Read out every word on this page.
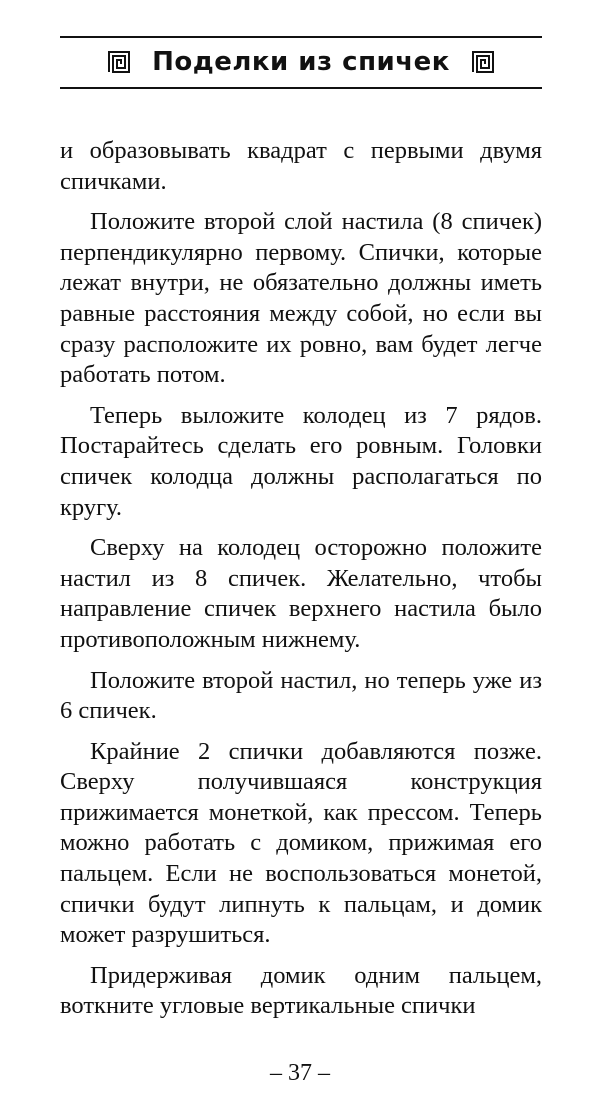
Поделки из спичек

и образовывать квадрат с первыми двумя спичками.

Положите второй слой настила (8 спичек) перпендикулярно первому. Спички, которые лежат внутри, не обязательно должны иметь равные расстояния между собой, но если вы сразу расположите их ровно, вам будет легче работать потом.

Теперь выложите колодец из 7 рядов. Постарайтесь сделать его ровным. Головки спичек колодца должны располагаться по кругу.

Сверху на колодец осторожно положите настил из 8 спичек. Желательно, чтобы направление спичек верхнего настила было противоположным нижнему.

Положите второй настил, но теперь уже из 6 спичек.

Крайние 2 спички добавляются позже. Сверху получившаяся конструкция прижимается монеткой, как прессом. Теперь можно работать с домиком, прижимая его пальцем. Если не воспользоваться монетой, спички будут липнуть к пальцам, и домик может разрушиться.

Придерживая домик одним пальцем, воткните угловые вертикальные спички

– 37 –
